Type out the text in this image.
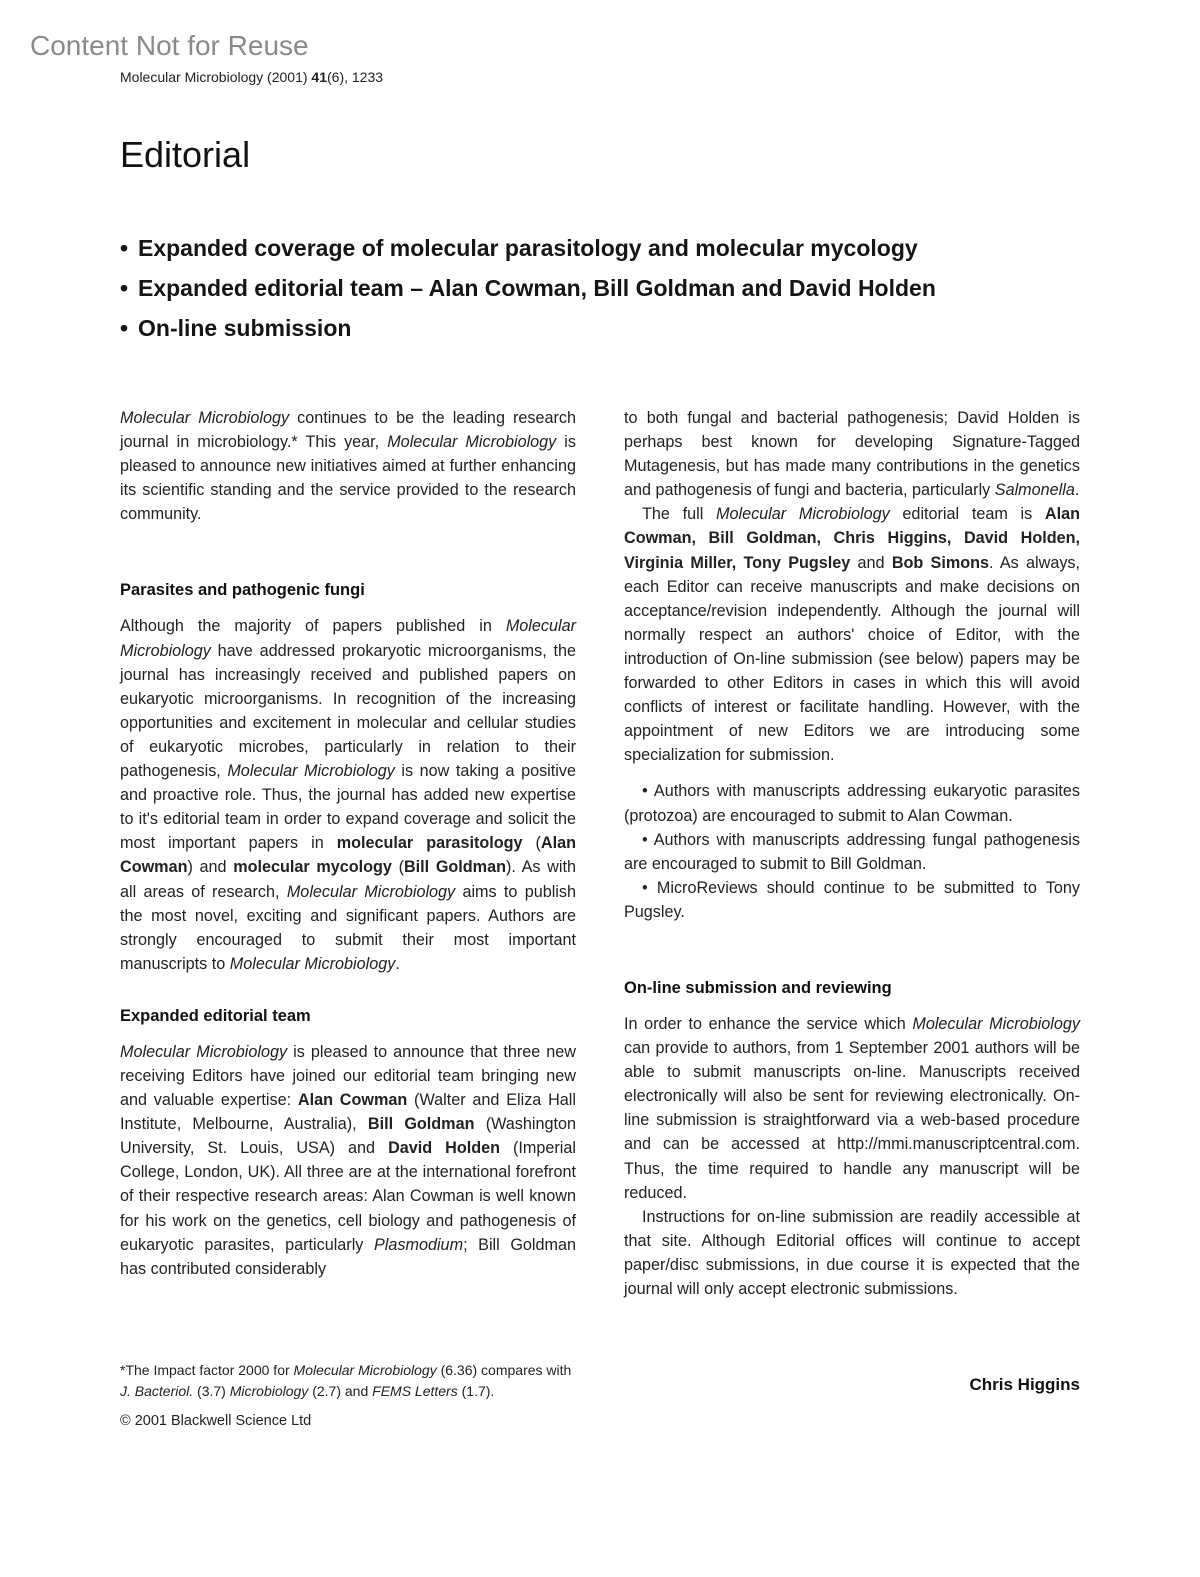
Content Not for Reuse
Molecular Microbiology (2001) 41(6), 1233
Editorial
• Expanded coverage of molecular parasitology and molecular mycology
• Expanded editorial team – Alan Cowman, Bill Goldman and David Holden
• On-line submission

Molecular Microbiology continues to be the leading research journal in microbiology.* This year, Molecular Microbiology is pleased to announce new initiatives aimed at further enhancing its scientific standing and the service provided to the research community.

Parasites and pathogenic fungi

Although the majority of papers published in Molecular Microbiology have addressed prokaryotic microorganisms, the journal has increasingly received and published papers on eukaryotic microorganisms. In recognition of the increasing opportunities and excitement in molecular and cellular studies of eukaryotic microbes, particularly in relation to their pathogenesis, Molecular Microbiology is now taking a positive and proactive role. Thus, the journal has added new expertise to it's editorial team in order to expand coverage and solicit the most important papers in molecular parasitology (Alan Cowman) and molecular mycology (Bill Goldman). As with all areas of research, Molecular Microbiology aims to publish the most novel, exciting and significant papers. Authors are strongly encouraged to submit their most important manuscripts to Molecular Microbiology.

Expanded editorial team

Molecular Microbiology is pleased to announce that three new receiving Editors have joined our editorial team bringing new and valuable expertise: Alan Cowman (Walter and Eliza Hall Institute, Melbourne, Australia), Bill Goldman (Washington University, St. Louis, USA) and David Holden (Imperial College, London, UK). All three are at the international forefront of their respective research areas: Alan Cowman is well known for his work on the genetics, cell biology and pathogenesis of eukaryotic parasites, particularly Plasmodium; Bill Goldman has contributed considerably

to both fungal and bacterial pathogenesis; David Holden is perhaps best known for developing Signature-Tagged Mutagenesis, but has made many contributions in the genetics and pathogenesis of fungi and bacteria, particularly Salmonella.

The full Molecular Microbiology editorial team is Alan Cowman, Bill Goldman, Chris Higgins, David Holden, Virginia Miller, Tony Pugsley and Bob Simons. As always, each Editor can receive manuscripts and make decisions on acceptance/revision independently. Although the journal will normally respect an authors' choice of Editor, with the introduction of On-line submission (see below) papers may be forwarded to other Editors in cases in which this will avoid conflicts of interest or facilitate handling. However, with the appointment of new Editors we are introducing some specialization for submission.

• Authors with manuscripts addressing eukaryotic parasites (protozoa) are encouraged to submit to Alan Cowman.
• Authors with manuscripts addressing fungal pathogenesis are encouraged to submit to Bill Goldman.
• MicroReviews should continue to be submitted to Tony Pugsley.
On-line submission and reviewing

In order to enhance the service which Molecular Microbiology can provide to authors, from 1 September 2001 authors will be able to submit manuscripts on-line. Manuscripts received electronically will also be sent for reviewing electronically. On-line submission is straightforward via a web-based procedure and can be accessed at http://mmi.manuscriptcentral.com. Thus, the time required to handle any manuscript will be reduced.

Instructions for on-line submission are readily accessible at that site. Although Editorial offices will continue to accept paper/disc submissions, in due course it is expected that the journal will only accept electronic submissions.

Chris Higgins
*The Impact factor 2000 for Molecular Microbiology (6.36) compares with J. Bacteriol. (3.7) Microbiology (2.7) and FEMS Letters (1.7).
© 2001 Blackwell Science Ltd
